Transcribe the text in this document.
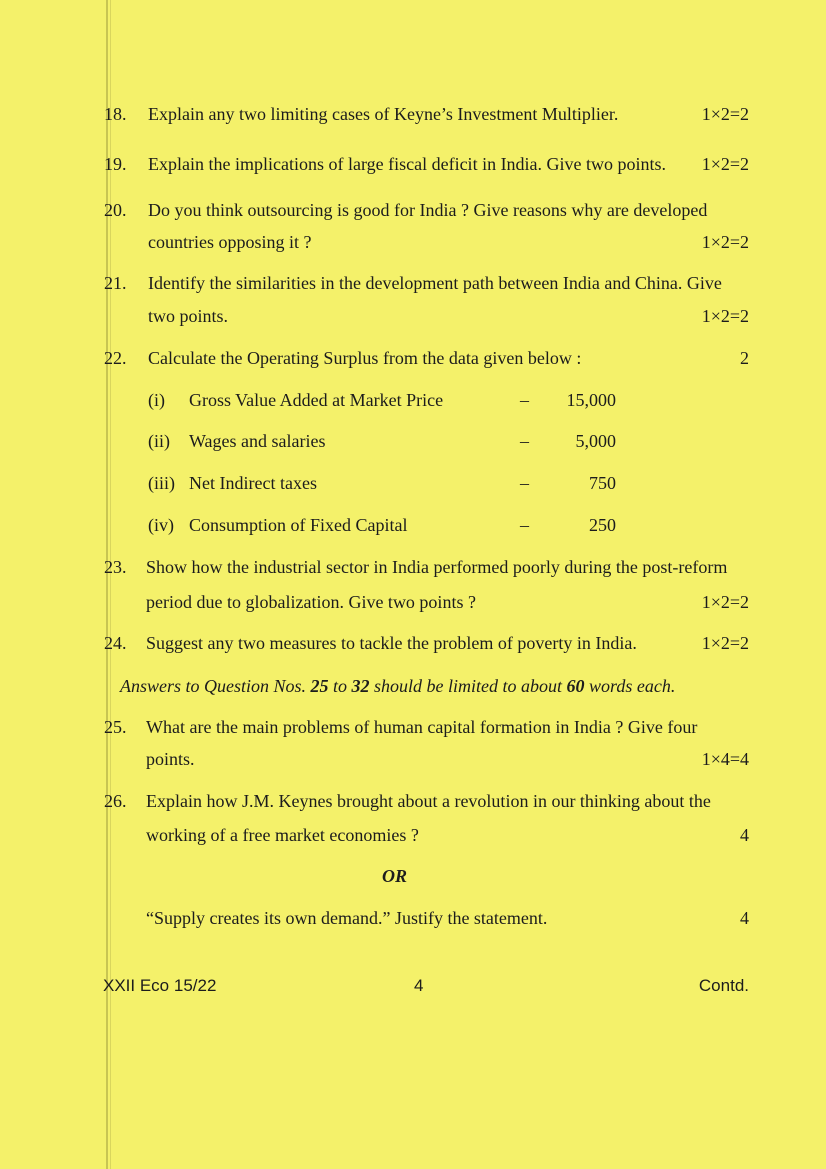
18. Explain any two limiting cases of Keyne’s Investment Multiplier.	1×2=2
19. Explain the implications of large fiscal deficit in India. Give two points. 1×2=2
20. Do you think outsourcing is good for India ? Give reasons why are developed
countries opposing it ?	1×2=2
21. Identify the similarities in the development path between India and China. Give
two points.	1×2=2
22. Calculate the Operating Surplus from the data given below :	2
(i) Gross Value Added at Market Price	–	15,000
(ii) Wages and salaries	–	5,000
(iii) Net Indirect taxes	–	750
(iv) Consumption of Fixed Capital	–	250
23. Show how the industrial sector in India performed poorly during the post-reform
period due to globalization. Give two points ?	1×2=2
24. Suggest any two measures to tackle the problem of poverty in India.	1×2=2
Answers to Question Nos. 25 to 32 should be limited to about 60 words each.
25. What are the main problems of human capital formation in India ? Give four
points.	1×4=4
26. Explain how J.M. Keynes brought about a revolution in our thinking about the
working of a free market economies ?	4
OR
“Supply creates its own demand.” Justify the statement.	4
XXII Eco 15/22	4	Contd.
